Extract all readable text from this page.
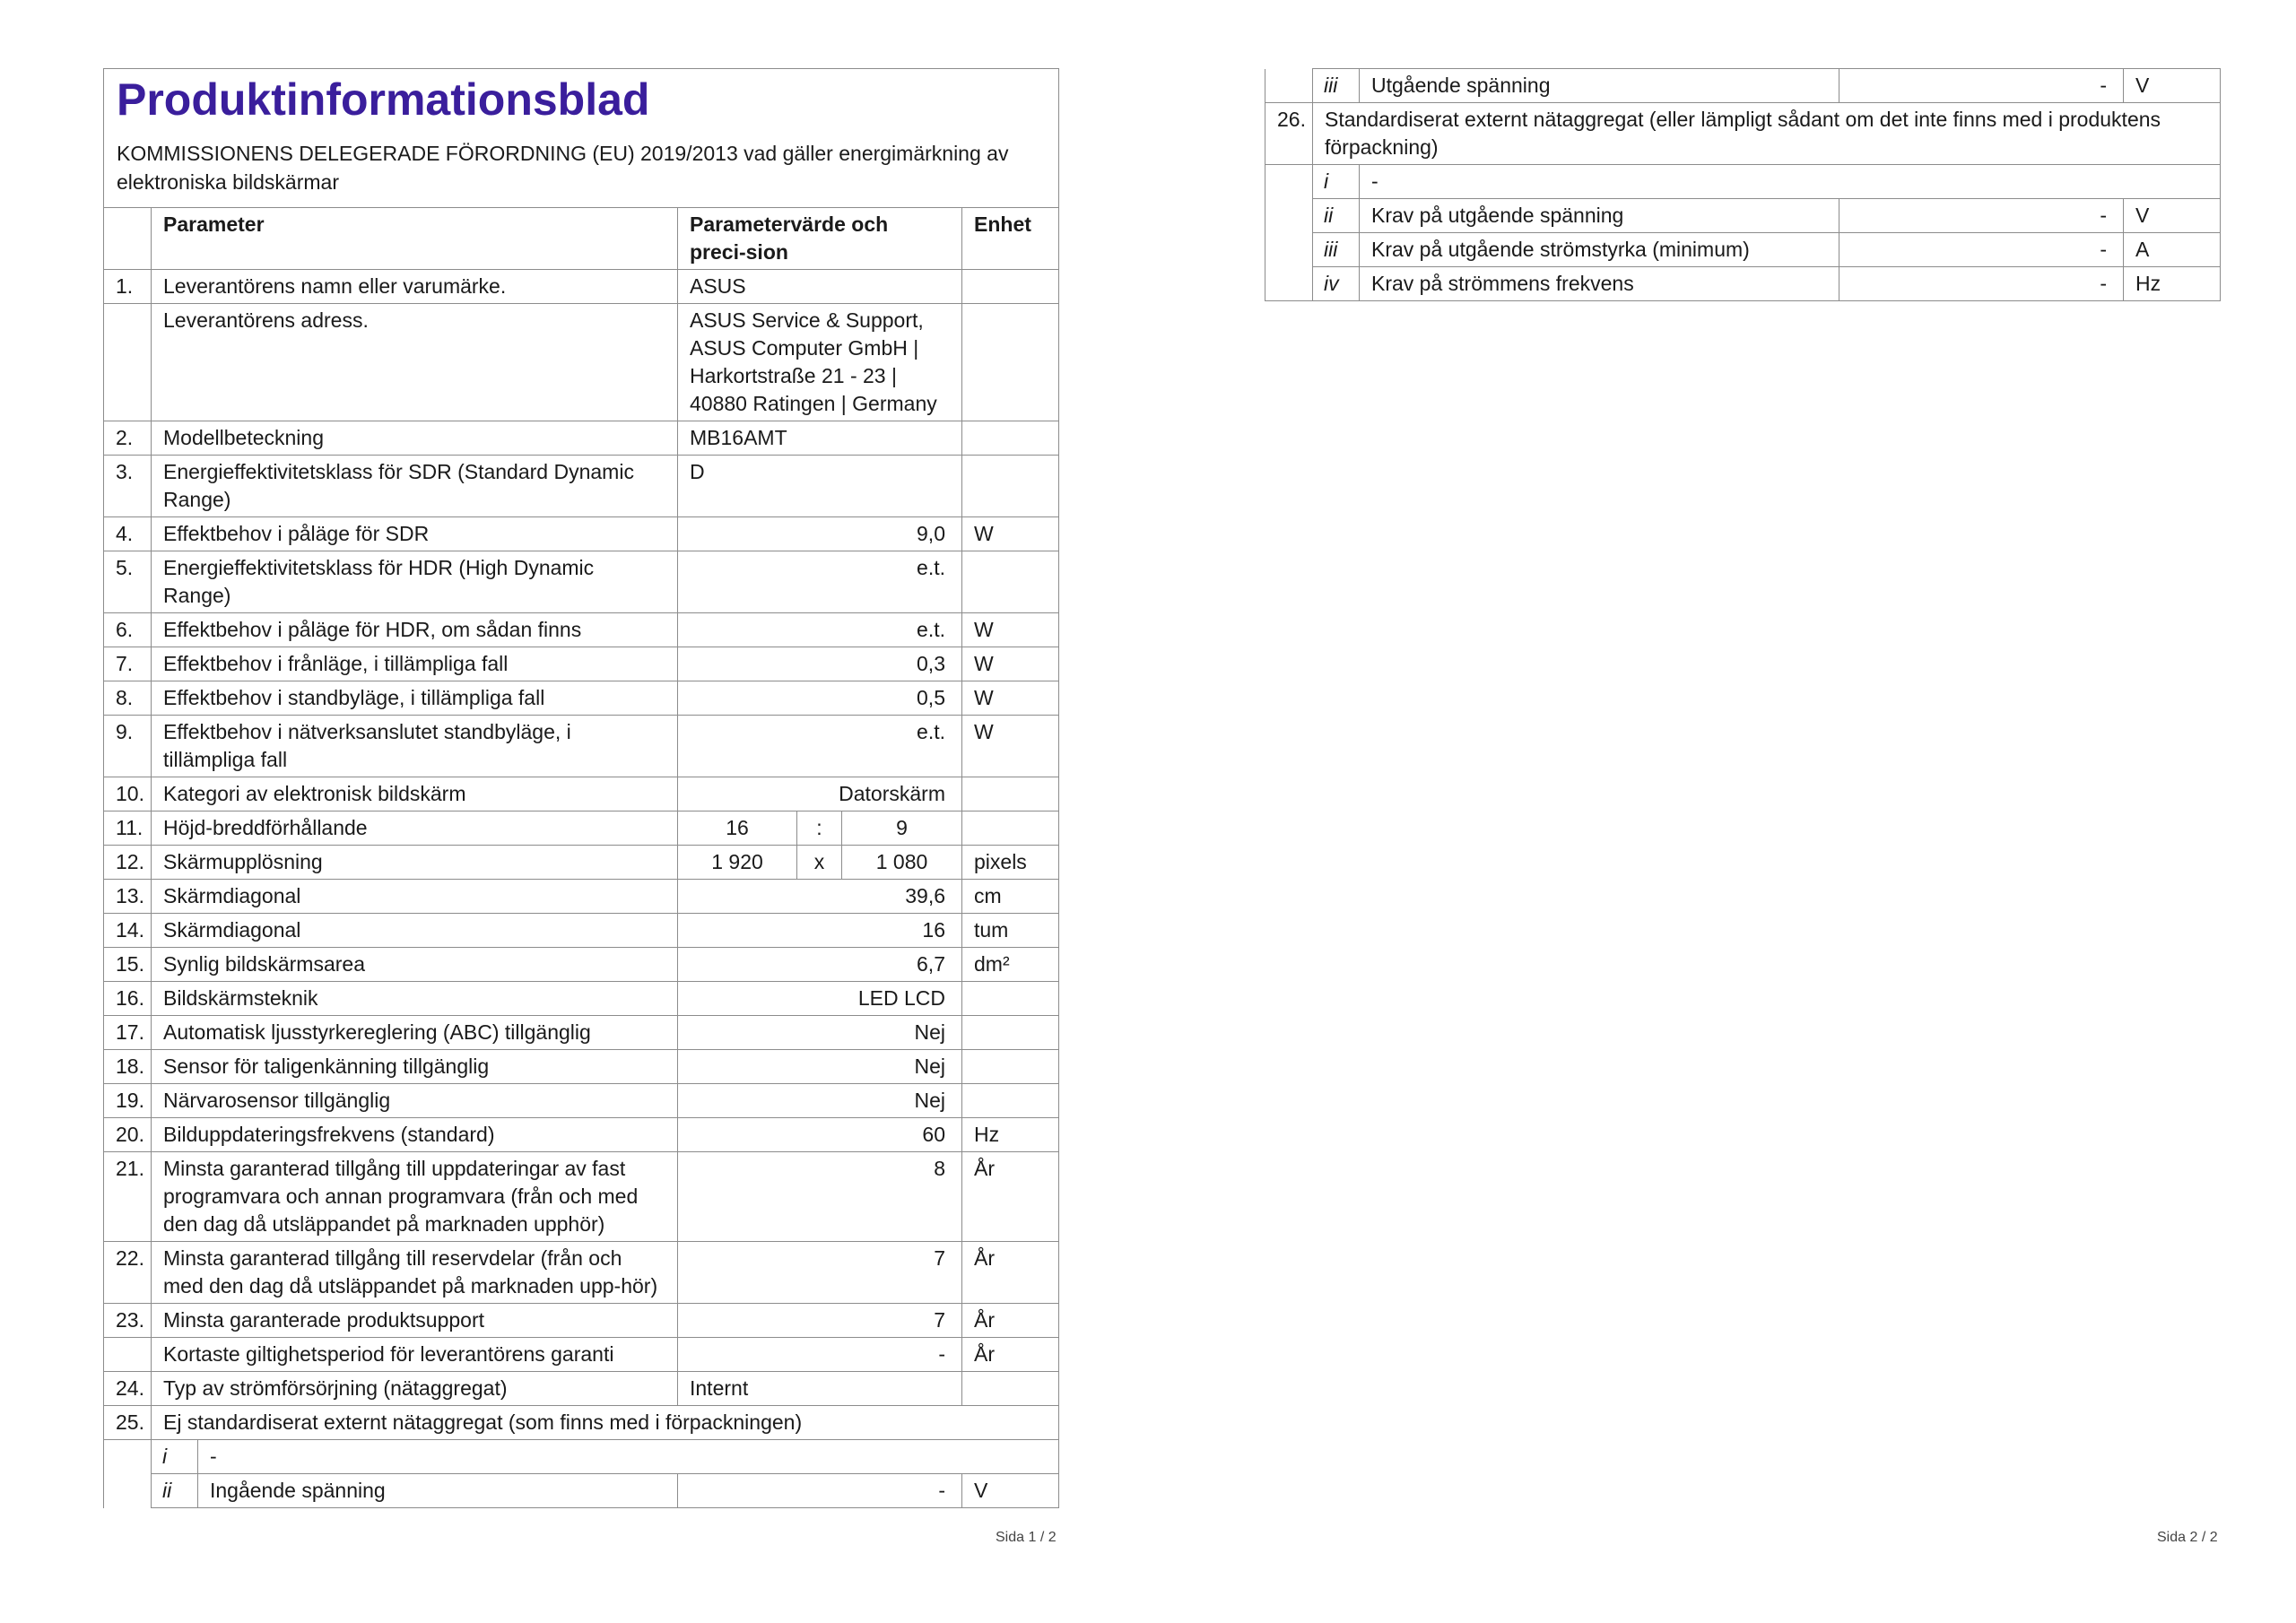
Produktinformationsblad
KOMMISSIONENS DELEGERADE FÖRORDNING (EU) 2019/2013 vad gäller energimärkning av elektroniska bildskärmar						

	Parameter		Parametervärde och preci-sion			Enhet
1.	Leverantörens namn eller varumärke.		ASUS			
	Leverantörens adress.		ASUS Service & Support, ASUS Computer GmbH | Harkortstraße 21 - 23 | 40880 Ratingen | Germany			
2.	Modellbeteckning		MB16AMT			
3.	Energieffektivitetsklass för SDR (Standard Dynamic Range)		D			
4.	Effektbehov i påläge för SDR		9,0			W
5.	Energieffektivitetsklass för HDR (High Dynamic Range)		e.t.			
6.	Effektbehov i påläge för HDR, om sådan finns		e.t.			W
7.	Effektbehov i frånläge, i tillämpliga fall		0,3			W
8.	Effektbehov i standbyläge, i tillämpliga fall		0,5			W
9.	Effektbehov i nätverksanslutet standbyläge, i tillämpliga fall		e.t.			W
10.	Kategori av elektronisk bildskärm		Datorskärm			
11.	Höjd-breddförhållande		16	:	9	
12.	Skärmupplösning		1 920	x	1 080	pixels
13.	Skärmdiagonal		39,6			cm
14.	Skärmdiagonal		16			tum
15.	Synlig bildskärmsarea		6,7			dm²
16.	Bildskärmsteknik		LED LCD			
17.	Automatisk ljusstyrkereglering (ABC) tillgänglig		Nej			
18.	Sensor för taligenkänning tillgänglig		Nej			
19.	Närvarosensor tillgänglig		Nej			
20.	Bilduppdateringsfrekvens (standard)		60			Hz
21.	Minsta garanterad tillgång till uppdateringar av fast programvara och annan programvara (från och med den dag då utsläppandet på marknaden upphör)		8			År
22.	Minsta garanterad tillgång till reservdelar (från och med den dag då utsläppandet på marknaden upp-hör)		7			År
23.	Minsta garanterade produktsupport		7			År
	Kortaste giltighetsperiod för leverantörens garanti		-			År
24.	Typ av strömförsörjning (nätaggregat)		Internt			
25.	Ej standardiserat externt nätaggregat (som finns med i förpackningen)					
	i	-				
	ii	Ingående spänning	-			V
Sida 1 / 2
	iii	Utgående spänning	-	V
26.	Standardiserat externt nätaggregat (eller lämpligt sådant om det inte finns med i produktens förpackning)			
	i	-		
	ii	Krav på utgående spänning	-	V
	iii	Krav på utgående strömstyrka (minimum)	-	A
	iv	Krav på strömmens frekvens	-	Hz
Sida 2 / 2
